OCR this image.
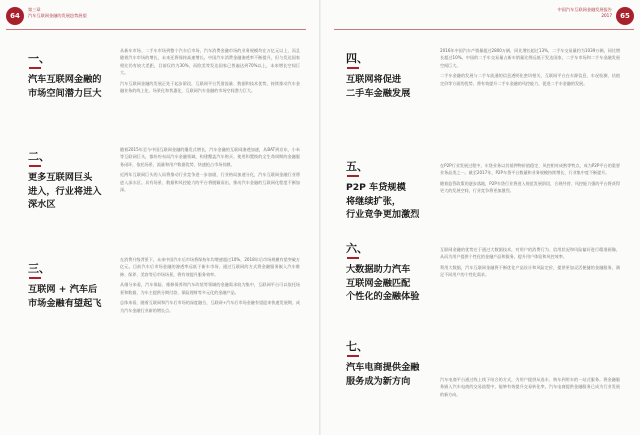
64
第三章
汽车互联网金融的发展趋势展望
中国汽车互联网金融发展报告
2017 65
一、
汽车互联网金融的
市场空间潜力巨大

从新车市场、二手车市场到整个汽车后市场，汽车消费金融市场的业务规模均在万亿元以上，而且随着汽车市场的增长，未来还将保持高速增长。中国汽车消费金融渗透率不断提升，但与发达国家相比仍有较大差距，目前仅约为30%，而欧美等发达国家已普遍达到70%以上，未来增长空间巨大。

汽车互联网金融的发展正处于起步阶段，互联网平台凭借流量、数据和技术优势，持续推动汽车金融业务的线上化、场景化和普惠化，互联网汽车金融的市场空间潜力巨大。

二、
更多互联网巨头
进入，行业将进入
深水区

随着2015年至今中国互联网金融的爆发式增长，汽车金融的互联网渗透加速，从BAT到京东、小米等互联网巨头，都纷纷布局汽车金融领域，构建覆盖汽车购买、使用和置换的全生命周期的金融服务闭环，依托场景、流量和用户数据优势，快速抢占市场份额。

近两年互联网巨头的入局将推动行业竞争进一步加剧，行业格局加速分化，汽车互联网金融行业将进入深水区。具有场景、数据和风控能力的平台将脱颖而出，推动汽车金融的互联网化程度不断加深。

三、
互联网 + 汽车后
市场金融有望起飞

在消费升级背景下，未来中国汽车后市场将保持年均增速超过10%，2018年后市场规模有望突破万亿元。目前汽车后市场金融的渗透率远低于新车市场，通过互联网的方式将金融服务嵌入汽车维修、保养、美容等后市场场景，将有效提升服务效率。

从细分来看，汽车保险、维修保养和汽车改装等领域的金融需求较为集中，互联网平台可以依托场景和数据，为车主提供分期付款、保险理财等多元化的金融产品。

总体来看，随着互联网和汽车后市场的深度融合，互联网+汽车后市场金融有望迎来快速发展期，成为汽车金融行业新的增长点。

四、
互联网将促进
二手车金融发展

2016年中国汽车产销量超过2800万辆，同比增长超过13%，二手车交易量约为1039万辆，同比增长超过10%。中国的二手车交易量占新车销量比例远低于发达国家，二手车市场和二手车金融发展空间巨大。

二手车金融的发展与二手车流通的信息透明化密切相关，互联网平台在车源信息、车况检测、估值定价等方面的优势，将有效提升二手车金融的风控能力，促进二手车金融的发展。

五、
P2P 车贷规模
将继续扩张，
行业竞争更加激烈

在P2P行业发展过程中，车贷业务以其抵押物价值稳定、风控相对成熟等特点，成为P2P平台的重要业务品类之一。截至2017年，P2P车贷平台数量和业务规模持续增长，行业集中度不断提升。

随着监管政策的逐步落地，P2P车贷行业将进入规范发展阶段，合规经营、风控能力强的平台将获得更大的发展空间，行业竞争将更加激烈。

六、
大数据助力汽车
互联网金融匹配
个性化的金融体验

互联网金融的优势在于通过大数据技术，对用户的消费行为、信用状况和风险偏好进行精准画像，从而为用户提供个性化的金融产品和服务，提升用户体验和风控效率。

利用大数据，汽车互联网金融将不断优化产品设计和风险定价，提供更加灵活便捷的金融服务，满足不同用户的个性化需求。

七、
汽车电商提供金融
服务成为新方向	汽车电商平台通过线上线下结合的方式，为用户提供从选车、购车到用车的一站式服务。将金融服务嵌入汽车电商的交易流程中，能够有效提升交易转化率，汽车电商提供金融服务已成为行业发展的新方向。
